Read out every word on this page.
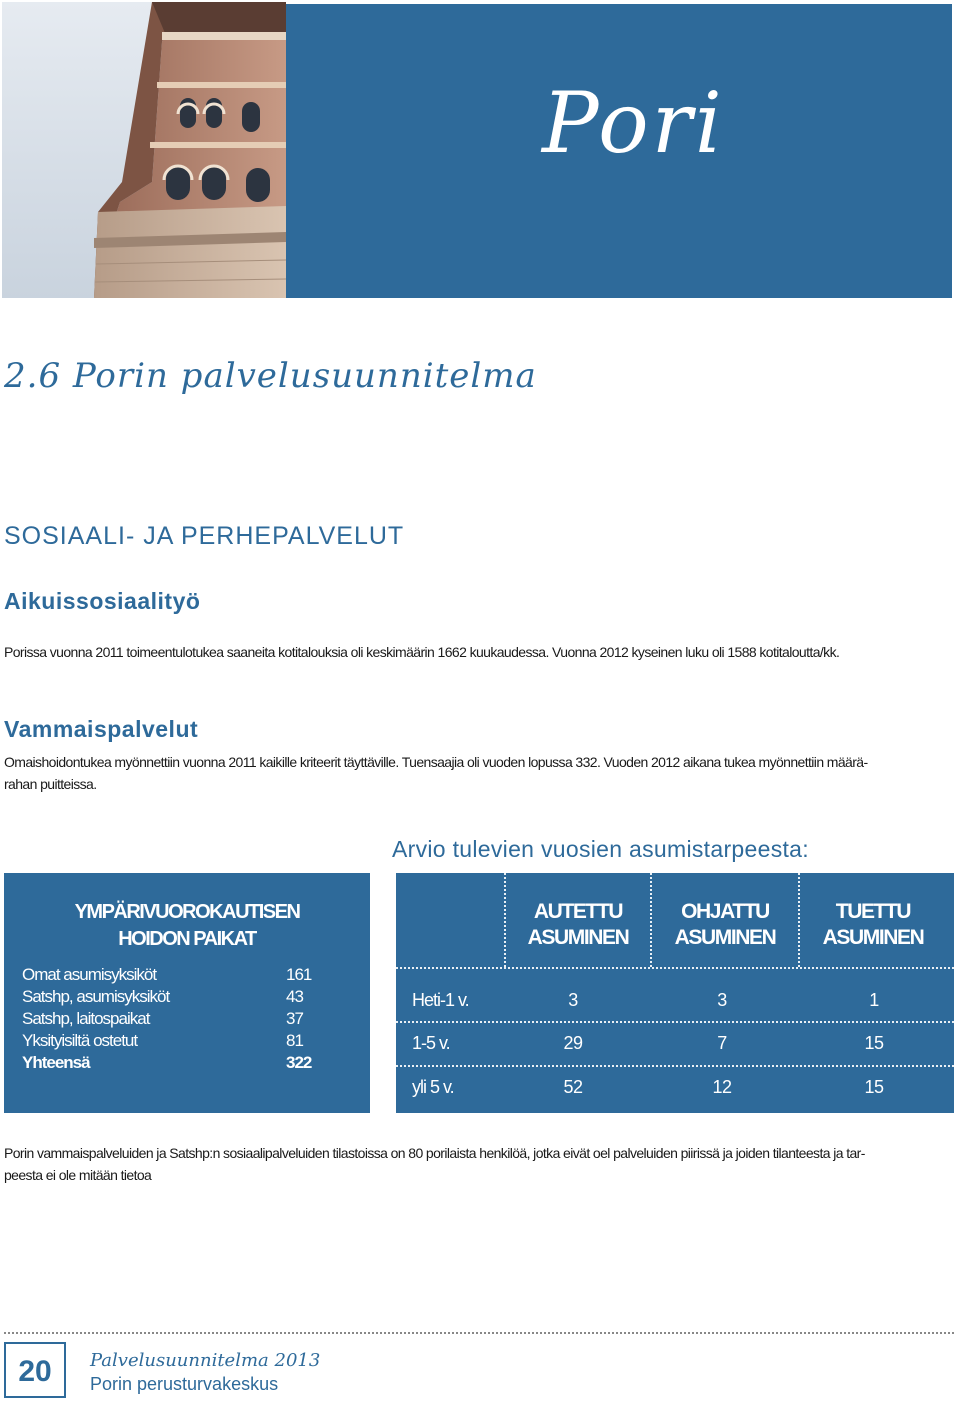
Pori
2.6 Porin palvelusuunnitelma
SOSIAALI- JA PERHEPALVELUT
Aikuissosiaalityö
Porissa vuonna 2011 toimeentulotukea saaneita kotitalouksia oli keskimäärin 1662 kuukaudessa. Vuonna 2012 kyseinen luku oli 1588 kotitaloutta/kk.
Vammaispalvelut
Omaishoidontukea myönnettiin vuonna 2011 kaikille kriteerit täyttäville. Tuensaajia oli vuoden lopussa 332. Vuoden 2012 aikana tukea myönnettiin määrä-
rahan puitteissa.
YMPÄRIVUOROKAUTISEN
HOIDON PAIKAT
Omat asumisyksiköt	161
Satshp, asumisyksiköt	43
Satshp, laitospaikat	37
Yksityisiltä ostetut	81
Yhteensä	322
Arvio tulevien vuosien asumistarpeesta:
AUTETTU
ASUMINEN
OHJATTU
ASUMINEN
TUETTU
ASUMINEN
Heti-1 v.	3	3	1
1-5 v.	29	7	15
yli 5 v.	52	12	15
Porin vammaispalveluiden ja Satshp:n sosiaalipalveluiden tilastoissa on 80 porilaista henkilöä, jotka eivät oel palveluiden piirissä ja joiden tilanteesta ja tar-
peesta ei ole mitään tietoa
20	Palvelusuunnitelma 2013
Porin perusturvakeskus
